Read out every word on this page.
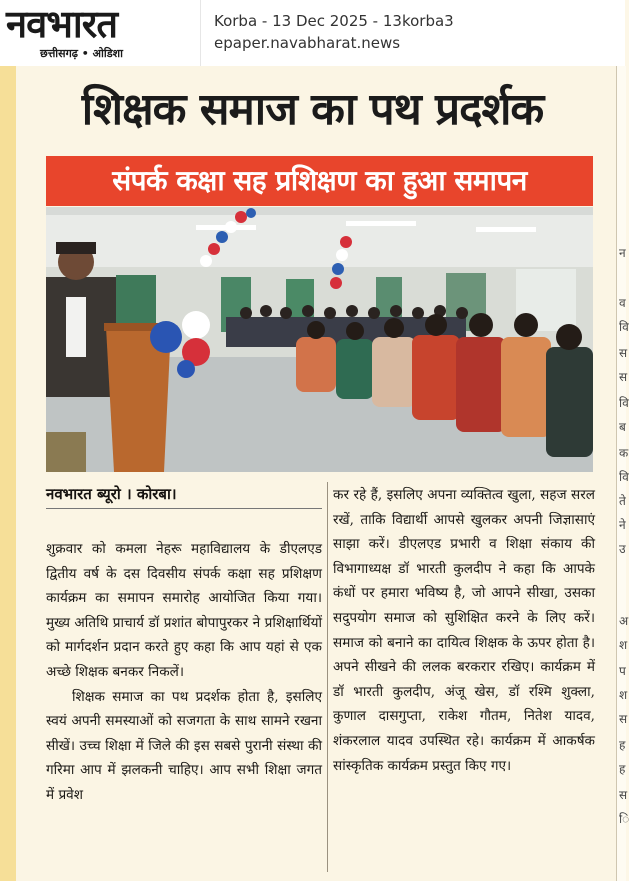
नवभारत
छत्तीसगढ़ • ओडिशा
Korba - 13 Dec 2025 - 13korba3
epaper.navabharat.news
शिक्षक समाज का पथ प्रदर्शक
संपर्क कक्षा सह प्रशिक्षण का हुआ समापन
नवभारत ब्यूरो । कोरबा।

शुक्रवार को कमला नेहरू महाविद्यालय के डीएलएड द्वितीय वर्ष के दस दिवसीय संपर्क कक्षा सह प्रशिक्षण कार्यक्रम का समापन समारोह आयोजित किया गया। मुख्य अतिथि प्राचार्य डॉ प्रशांत बोपापुरकर ने प्रशिक्षार्थियों को मार्गदर्शन प्रदान करते हुए कहा कि आप यहां से एक अच्छे शिक्षक बनकर निकलें।

शिक्षक समाज का पथ प्रदर्शक होता है, इसलिए स्वयं अपनी समस्याओं को सजगता के साथ सामने रखना सीखें। उच्च शिक्षा में जिले की इस सबसे पुरानी संस्था की गरिमा आप में झलकनी चाहिए। आप सभी शिक्षा जगत में प्रवेश

कर रहे हैं, इसलिए अपना व्यक्तित्व खुला, सहज सरल रखें, ताकि विद्यार्थी आपसे खुलकर अपनी जिज्ञासाएं साझा करें। डीएलएड प्रभारी व शिक्षा संकाय की विभागाध्यक्ष डॉ भारती कुलदीप ने कहा कि आपके कंधों पर हमारा भविष्य है, जो आपने सीखा, उसका सदुपयोग समाज को सुशिक्षित करने के लिए करें। समाज को बनाने का दायित्व शिक्षक के ऊपर होता है। अपने सीखने की ललक बरकरार रखिए। कार्यक्रम में डॉ भारती कुलदीप, अंजू खेस, डॉ रश्मि शुक्ला, कुणाल दासगुप्ता, राकेश गौतम, नितेश यादव, शंकरलाल यादव उपस्थित रहे। कार्यक्रम में आकर्षक सांस्कृतिक कार्यक्रम प्रस्तुत किए गए।

न
व
वि
स
स
वि
ब
क
वि
ते
ने
उ
अ
श
प
श
स
ह
ह
स
ि
